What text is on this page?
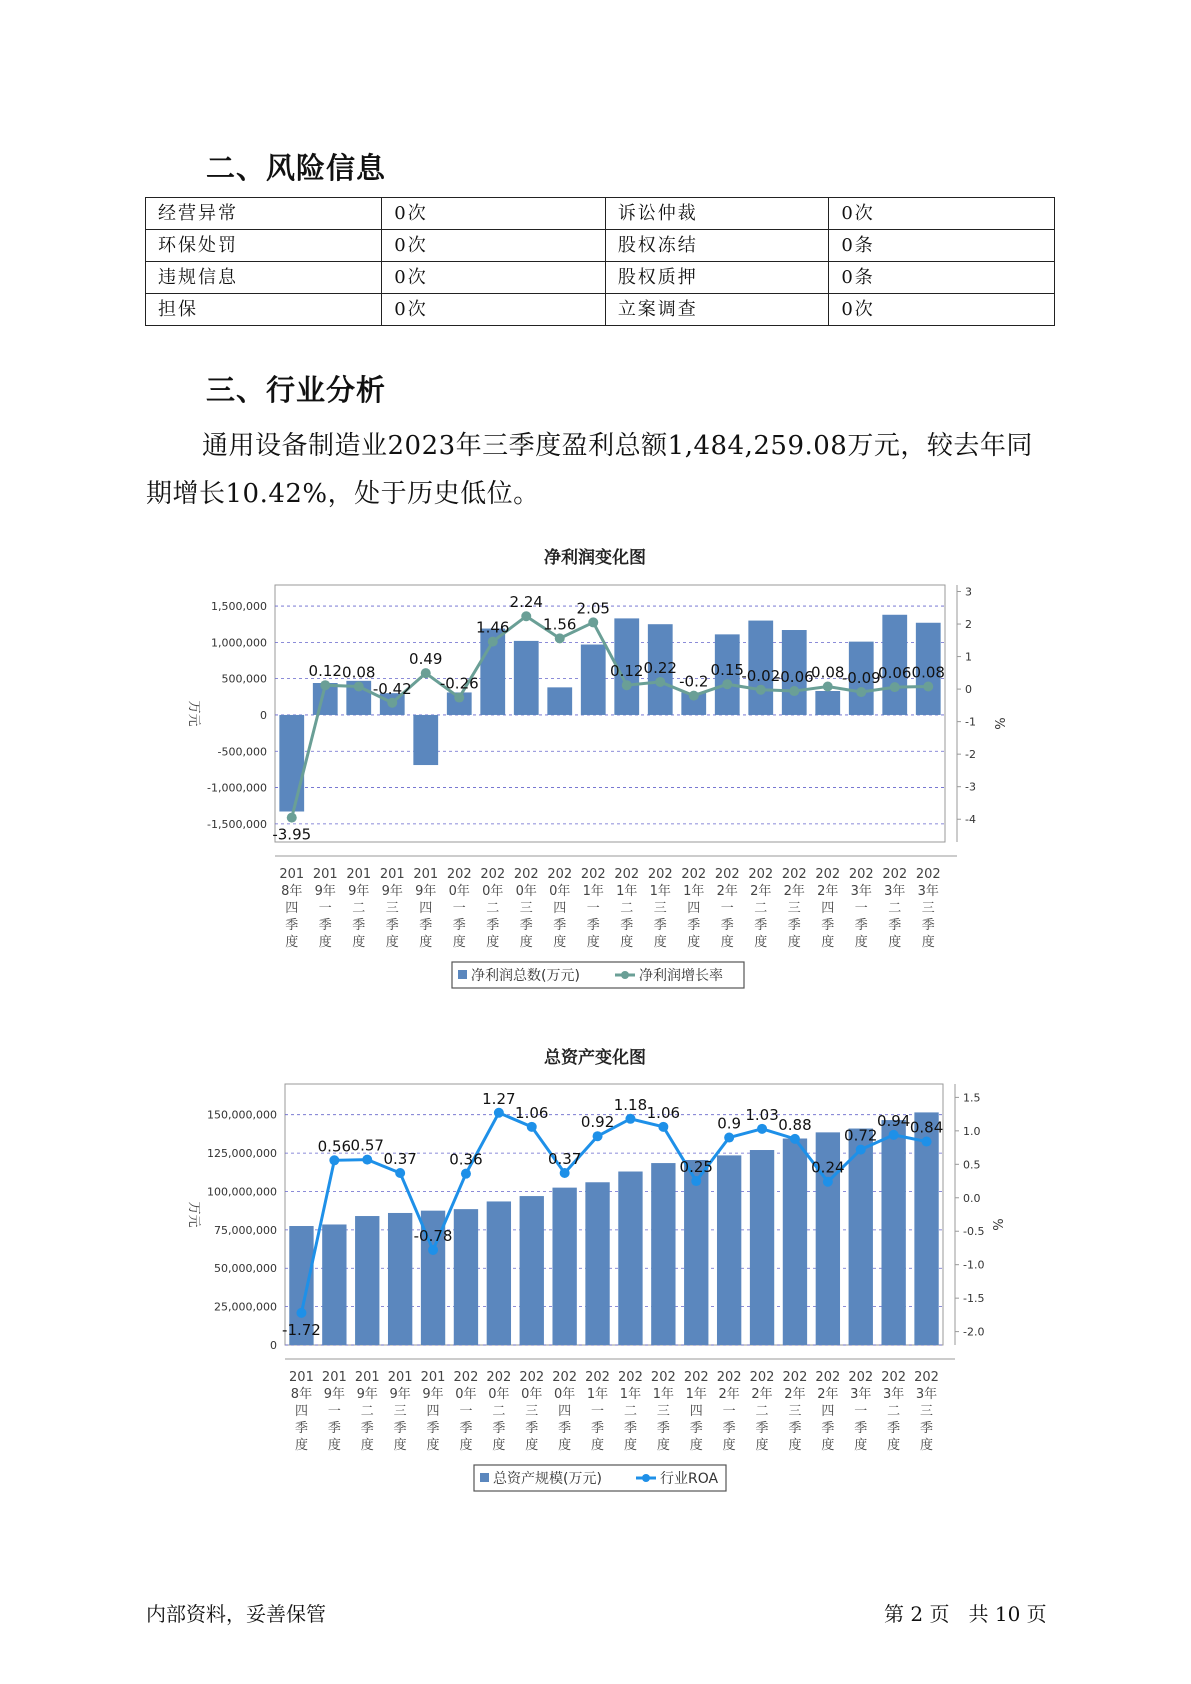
二、风险信息
经营异常	0次	诉讼仲裁	0次
环保处罚	0次	股权冻结	0条
违规信息	0次	股权质押	0条
担保	0次	立案调查	0次
三、行业分析
通用设备制造业2023年三季度盈利总额1,484,259.08万元，较去年同期增长10.42%，处于历史低位。
净利润变化图
1,500,000
1,000,000
500,000
0
-500,000
-1,000,000
-1,500,000
3
2
1
0
-1
-2
-3
-4
万元	%
-3.95
0.12 0.08
-0.42
0.49
-0.26
1.46
2.24
1.56
2.05
0.12 0.22
-0.2
0.15
-0.02
-0.06
0.08
-0.09
0.06 0.08
201
8年
四
季
度
201
9年
一
季
度
201
9年
二
季
度
201
9年
三
季
度
201
9年
四
季
度
202
0年
一
季
度
202
0年
二
季
度
202
0年
三
季
度
202
0年
四
季
度
202
1年
一
季
度
202
1年
二
季
度
202
1年
三
季
度
202
1年
四
季
度
202
2年
一
季
度
202
2年
二
季
度
202
2年
三
季
度
202
2年
四
季
度
202
3年
一
季
度
202
3年
二
季
度
202
3年
三
季
度
净利润总数(万元)	净利润增长率
总资产变化图
150,000,000
125,000,000
100,000,000
75,000,000
50,000,000
25,000,000
0
1.5
1.0
0.5
0.0
-0.5
-1.0
-1.5
-2.0
万元	%
-1.72
0.56 0.57
0.37
-0.78
0.36
1.27
1.06
0.37
0.92
1.18 1.06
0.25
0.9 1.03
0.88
0.24
0.72
0.94 0.84
201
8年
四
季
度
201
9年
一
季
度
201
9年
二
季
度
201
9年
三
季
度
201
9年
四
季
度
202
0年
一
季
度
202
0年
二
季
度
202
0年
三
季
度
202
0年
四
季
度
202
1年
一
季
度
202
1年
二
季
度
202
1年
三
季
度
202
1年
四
季
度
202
2年
一
季
度
202
2年
二
季
度
202
2年
三
季
度
202
2年
四
季
度
202
3年
一
季
度
202
3年
二
季
度
202
3年
三
季
度
总资产规模(万元)	行业ROA
内部资料，妥善保管	第 2 页   共 10 页
